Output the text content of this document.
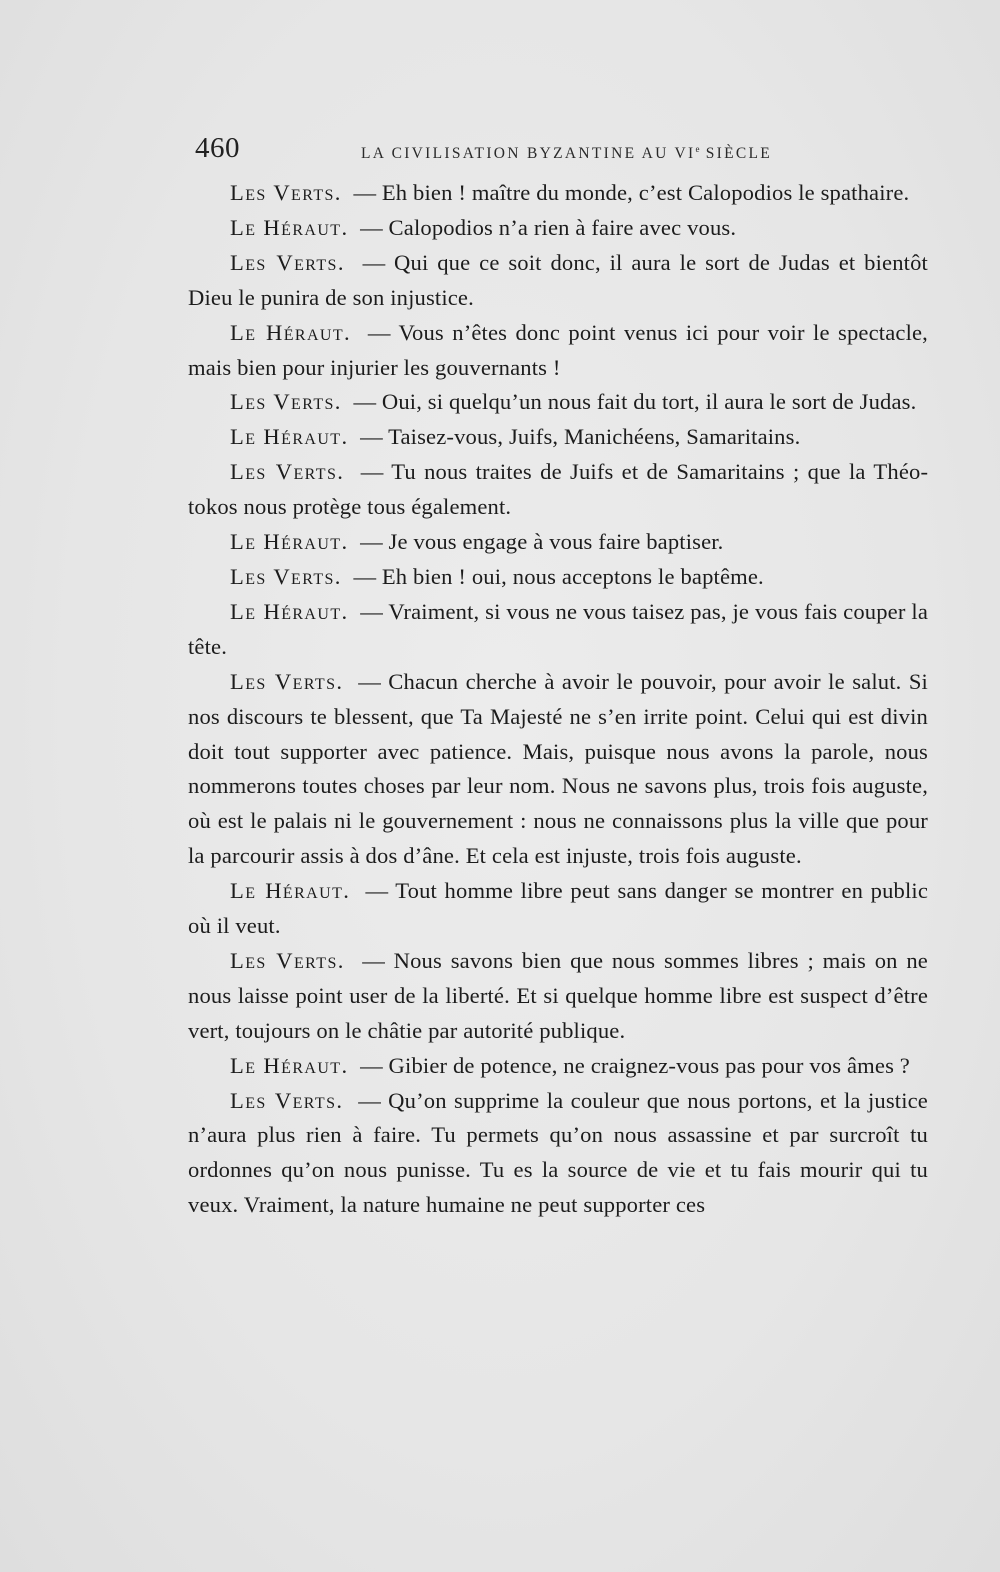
460	LA CIVILISATION BYZANTINE AU VIe SIÈCLE

Les Verts. — Eh bien ! maître du monde, c’est Calopodios le spathaire.

Le Héraut. — Calopodios n’a rien à faire avec vous.

Les Verts. — Qui que ce soit donc, il aura le sort de Judas et bientôt Dieu le punira de son injustice.

Le Héraut. — Vous n’êtes donc point venus ici pour voir le spectacle, mais bien pour injurier les gouvernants !

Les Verts. — Oui, si quelqu’un nous fait du tort, il aura le sort de Judas.

Le Héraut. — Taisez-vous, Juifs, Manichéens, Samaritains.

Les Verts. — Tu nous traites de Juifs et de Samaritains ; que la Théotokos nous protège tous également.

Le Héraut. — Je vous engage à vous faire baptiser.

Les Verts. — Eh bien ! oui, nous acceptons le baptême.

Le Héraut. — Vraiment, si vous ne vous taisez pas, je vous fais couper la tête.

Les Verts. — Chacun cherche à avoir le pouvoir, pour avoir le salut. Si nos discours te blessent, que Ta Majesté ne s’en irrite point. Celui qui est divin doit tout supporter avec patience. Mais, puisque nous avons la parole, nous nommerons toutes choses par leur nom. Nous ne savons plus, trois fois auguste, où est le palais ni le gouvernement : nous ne connaissons plus la ville que pour la parcourir assis à dos d’âne. Et cela est injuste, trois fois auguste.

Le Héraut. — Tout homme libre peut sans danger se montrer en public où il veut.

Les Verts. — Nous savons bien que nous sommes libres ; mais on ne nous laisse point user de la liberté. Et si quelque homme libre est suspect d’être vert, toujours on le châtie par autorité publique.

Le Héraut. — Gibier de potence, ne craignez-vous pas pour vos âmes ?

Les Verts. — Qu’on supprime la couleur que nous portons, et la justice n’aura plus rien à faire. Tu permets qu’on nous assassine et par surcroît tu ordonnes qu’on nous punisse. Tu es la source de vie et tu fais mourir qui tu veux. Vraiment, la nature humaine ne peut supporter ces
